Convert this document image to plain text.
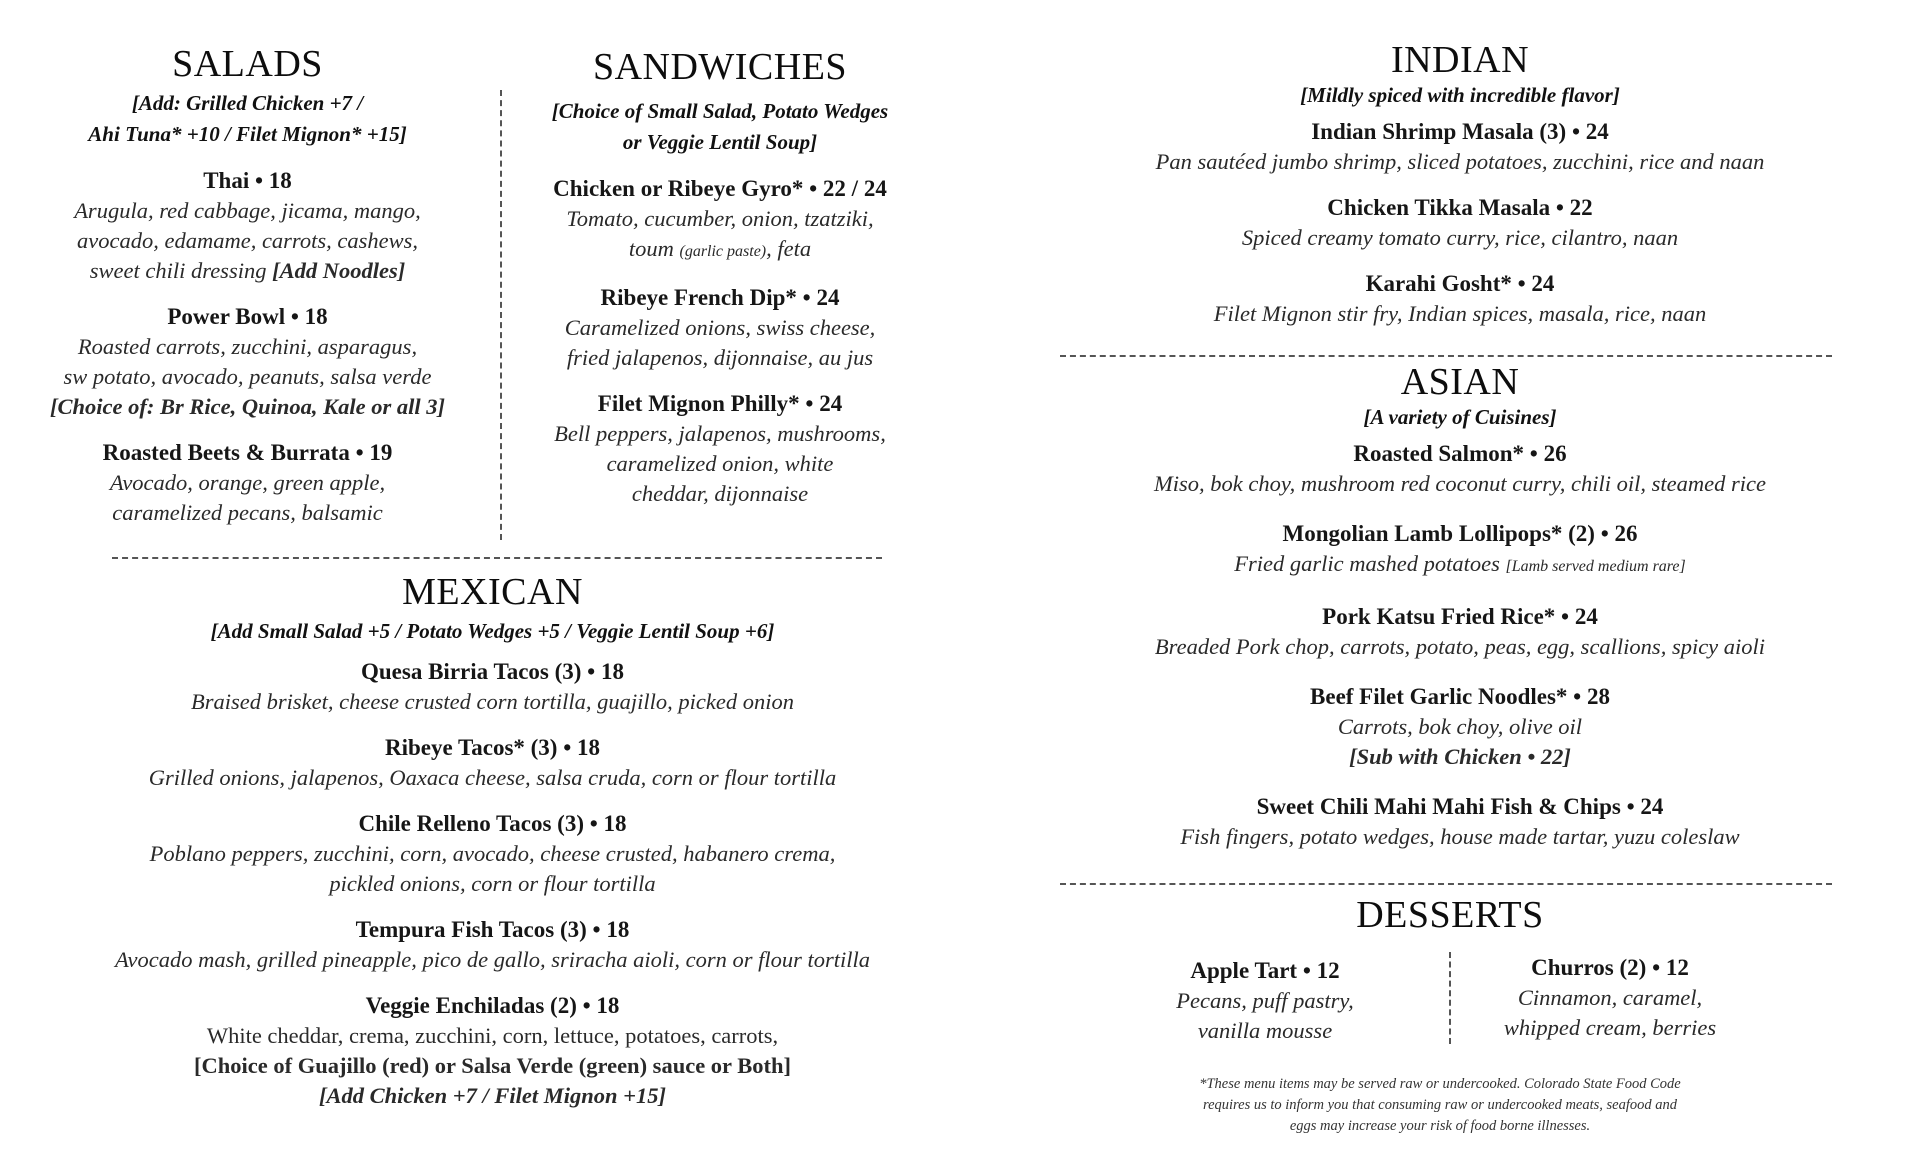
SALADS
[Add: Grilled Chicken +7 /
Ahi Tuna* +10 / Filet Mignon* +15]
Thai • 18
Arugula, red cabbage, jicama, mango,
avocado, edamame, carrots, cashews,
sweet chili dressing [Add Noodles]
Power Bowl • 18
Roasted carrots, zucchini, asparagus,
sw potato, avocado, peanuts, salsa verde
[Choice of: Br Rice, Quinoa, Kale or all 3]
Roasted Beets & Burrata • 19
Avocado, orange, green apple,
caramelized pecans, balsamic
SANDWICHES
[Choice of Small Salad, Potato Wedges
or Veggie Lentil Soup]
Chicken or Ribeye Gyro* • 22 / 24
Tomato, cucumber, onion, tzatziki,
toum (garlic paste), feta
Ribeye French Dip* • 24
Caramelized onions, swiss cheese,
fried jalapenos, dijonnaise, au jus
Filet Mignon Philly* • 24
Bell peppers, jalapenos, mushrooms,
caramelized onion, white
cheddar, dijonnaise
MEXICAN
[Add Small Salad +5 / Potato Wedges +5 / Veggie Lentil Soup +6]
Quesa Birria Tacos (3) • 18
Braised brisket, cheese crusted corn tortilla, guajillo, picked onion
Ribeye Tacos* (3) • 18
Grilled onions, jalapenos, Oaxaca cheese, salsa cruda, corn or flour tortilla
Chile Relleno Tacos (3) • 18
Poblano peppers, zucchini, corn, avocado, cheese crusted, habanero crema,
pickled onions, corn or flour tortilla
Tempura Fish Tacos (3) • 18
Avocado mash, grilled pineapple, pico de gallo, sriracha aioli, corn or flour tortilla
Veggie Enchiladas (2) • 18
White cheddar, crema, zucchini, corn, lettuce, potatoes, carrots,
[Choice of Guajillo (red) or Salsa Verde (green) sauce or Both]
[Add Chicken +7 / Filet Mignon +15]
INDIAN
[Mildly spiced with incredible flavor]
Indian Shrimp Masala (3) • 24
Pan sautéed jumbo shrimp, sliced potatoes, zucchini, rice and naan
Chicken Tikka Masala • 22
Spiced creamy tomato curry, rice, cilantro, naan
Karahi Gosht* • 24
Filet Mignon stir fry, Indian spices, masala, rice, naan
ASIAN
[A variety of Cuisines]
Roasted Salmon* • 26
Miso, bok choy, mushroom red coconut curry, chili oil, steamed rice
Mongolian Lamb Lollipops* (2) • 26
Fried garlic mashed potatoes [Lamb served medium rare]
Pork Katsu Fried Rice* • 24
Breaded Pork chop, carrots, potato, peas, egg, scallions, spicy aioli
Beef Filet Garlic Noodles* • 28
Carrots, bok choy, olive oil
[Sub with Chicken • 22]
Sweet Chili Mahi Mahi Fish & Chips • 24
Fish fingers, potato wedges, house made tartar, yuzu coleslaw
DESSERTS
Apple Tart • 12
Pecans, puff pastry,
vanilla mousse
Churros (2) • 12
Cinnamon, caramel,
whipped cream, berries
*These menu items may be served raw or undercooked. Colorado State Food Code
requires us to inform you that consuming raw or undercooked meats, seafood and
eggs may increase your risk of food borne illnesses.
